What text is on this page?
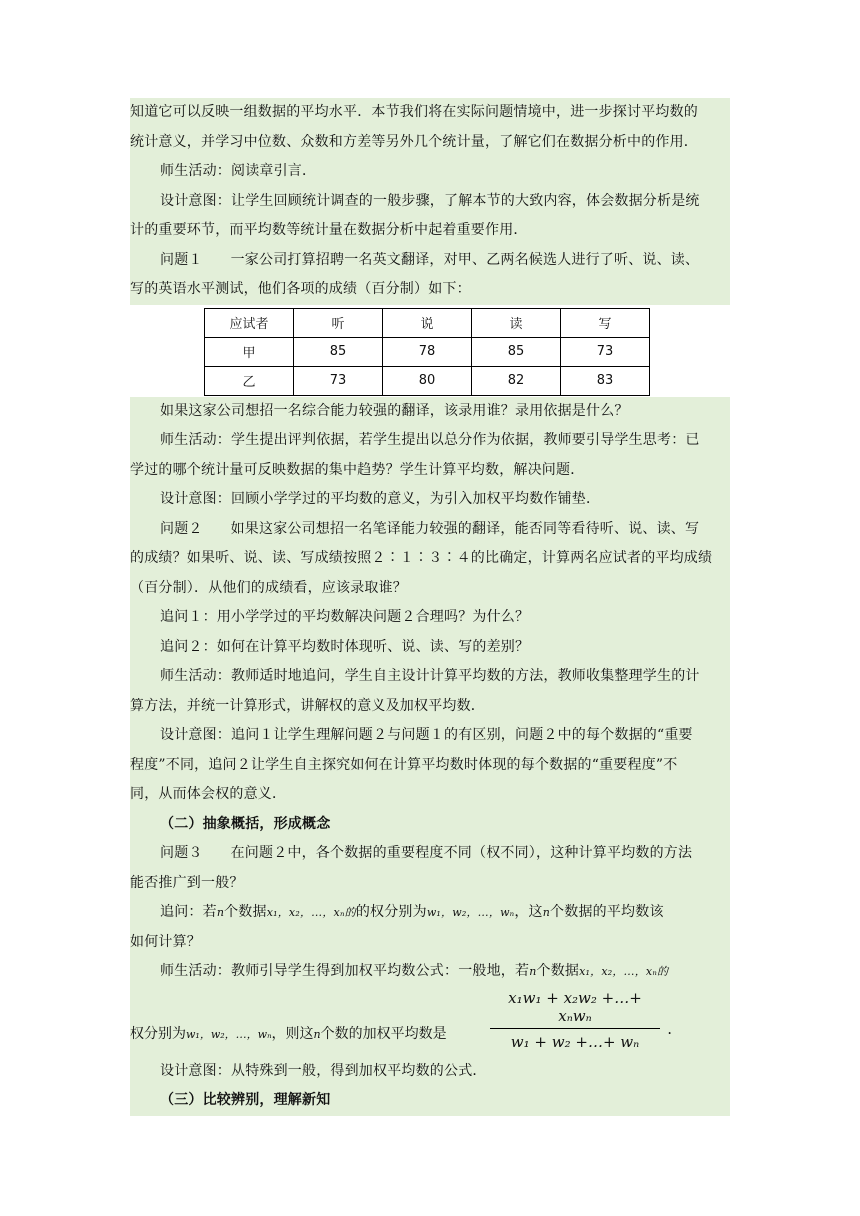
知道它可以反映一组数据的平均水平．本节我们将在实际问题情境中，进一步探讨平均数的

统计意义，并学习中位数、众数和方差等另外几个统计量，了解它们在数据分析中的作用．

师生活动：阅读章引言．

设计意图：让学生回顾统计调查的一般步骤，了解本节的大致内容，体会数据分析是统

计的重要环节，而平均数等统计量在数据分析中起着重要作用．

问题１ 一家公司打算招聘一名英文翻译，对甲、乙两名候选人进行了听、说、读、

写的英语水平测试，他们各项的成绩（百分制）如下：

应试者	听	说	读	写
甲	85	78	85	73
乙	73	80	82	83

如果这家公司想招一名综合能力较强的翻译，该录用谁？录用依据是什么？

师生活动：学生提出评判依据，若学生提出以总分作为依据，教师要引导学生思考：已

学过的哪个统计量可反映数据的集中趋势？学生计算平均数，解决问题．

设计意图：回顾小学学过的平均数的意义，为引入加权平均数作铺垫．

问题２ 如果这家公司想招一名笔译能力较强的翻译，能否同等看待听、说、读、写

的成绩？如果听、说、读、写成绩按照２∶１∶３∶４的比确定，计算两名应试者的平均成绩

（百分制）．从他们的成绩看，应该录取谁？

追问１：用小学学过的平均数解决问题２合理吗？为什么？

追问２：如何在计算平均数时体现听、说、读、写的差别？

师生活动：教师适时地追问，学生自主设计计算平均数的方法，教师收集整理学生的计

算方法，并统一计算形式，讲解权的意义及加权平均数．

设计意图：追问１让学生理解问题２与问题１的有区别，问题２中的每个数据的“重要

程度”不同，追问２让学生自主探究如何在计算平均数时体现的每个数据的“重要程度”不

同，从而体会权的意义．

（二）抽象概括，形成概念

问题３ 在问题２中，各个数据的重要程度不同（权不同），这种计算平均数的方法

能否推广到一般？

追问：若n个数据x₁，x₂，…，xₙ的的权分别为w₁，w₂，…，wₙ，这n个数据的平均数该

如何计算？

师生活动：教师引导学生得到加权平均数公式：一般地，若n个数据x₁，x₂，…，xₙ的

权分别为w₁，w₂，…，wₙ，则这n个数的加权平均数是
x₁w₁ + x₂w₂ +…+ xₙwₙ
w₁ + w₂ +…+ wₙ
.

设计意图：从特殊到一般，得到加权平均数的公式．

（三）比较辨别，理解新知
